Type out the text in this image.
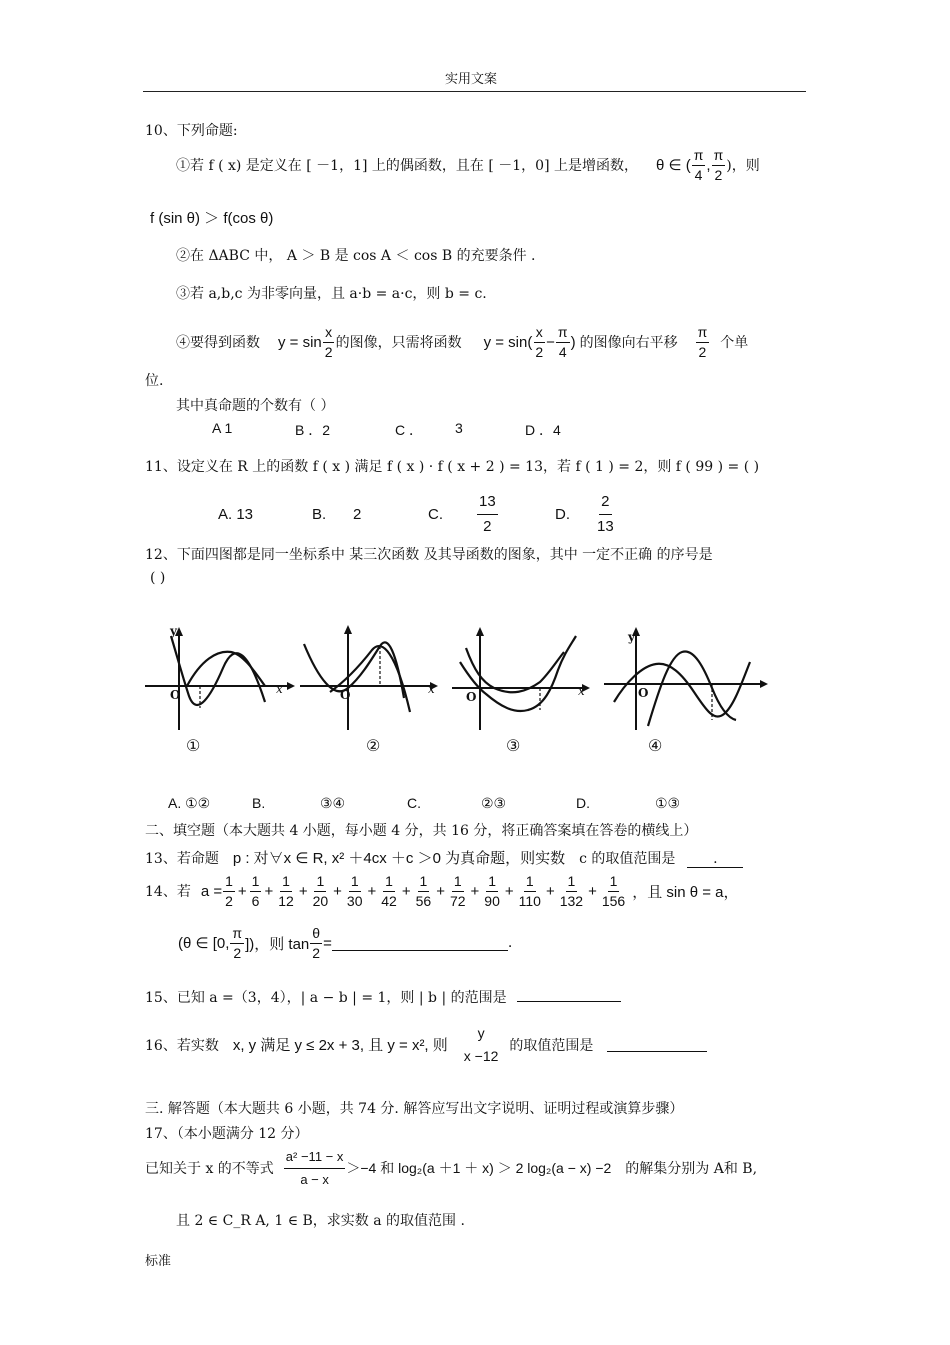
实用文案
10、下列命题:
①若 f ( x) 是定义在 [ －1，1] 上的偶函数，且在 [ －1，0] 上是增函数， θ ∈ ( $\frac{\pi}{4}$ , $\frac{\pi}{2}$ )，则
f (sin θ) ＞ f(cos θ)
②在 ΔABC 中， A ＞ B 是 cos A ＜ cos B 的充要条件 .
③若 a,b,c 为非零向量，且 a·b = a·c，则 b = c.
④要得到函数 $y = \sin \frac{x}{2}$ 的图像，只需将函数 $y = \sin( \frac{x}{2} - \frac{\pi}{4}$ ) 的图像向右平移 $\frac{\pi}{2}$ 个单
位.
其中真命题的个数有（ ）
A 1	B ．2	C ． 3	D ．4
11、设定义在 R 上的函数 f ( x ) 满足 f ( x ) · f ( x + 2 ) = 13，若 f ( 1 ) = 2，则 f ( 99 ) = ( )
A. 13	B. 2	C. $\frac{13}{2}$	D. $\frac{2}{13}$
12、下面四图都是同一坐标系中 某三次函数 及其导函数的图象，其中 一定不正确 的序号是
( )
y
x
O	x
O	x
O
y
O
①	②	③	④
A. ①②	B.	③④	C.	②③	D.	①③
二、填空题（本大题共 4 小题，每小题 4 分，共 16 分，将正确答案填在答卷的横线上）
13、若命题 p : 对∀x ∈ R, x² ＋4cx ＋c ＞0 为真命题，则实数 c 的取值范围是	.
14、若 $a = \frac{1}{2} + \frac{1}{6} + \frac{1}{12} + \frac{1}{20} + \frac{1}{30} + \frac{1}{42} + \frac{1}{56} + \frac{1}{72} + \frac{1}{90} + \frac{1}{110} + \frac{1}{132} + \frac{1}{156}$ ，且 sin θ = a，
(θ ∈ [0, $\frac{\pi}{2}$ ])，则 $\tan \frac{\theta}{2}$ =	.
15、已知 a =（3，4），| a − b | = 1，则 | b | 的范围是
16、若实数 x, y 满足 y ≤ 2x + 3, 且 y = x², 则
y
x −12
的取值范围是
三. 解答题（本大题共 6 小题，共 74 分. 解答应写出文字说明、证明过程或演算步骤）
17、（本小题满分 12 分）
已知关于 x 的不等式 $\frac{\text{a² −11 − x}}{a - x} >-4$ 和 log₂(a ＋1 ＋ x) ＞ 2 log₂(a − x) −2 的解集分别为 A和 B,
且 2 ∈ C_R A, 1 ∈ B，求实数 a 的取值范围 .
标准
